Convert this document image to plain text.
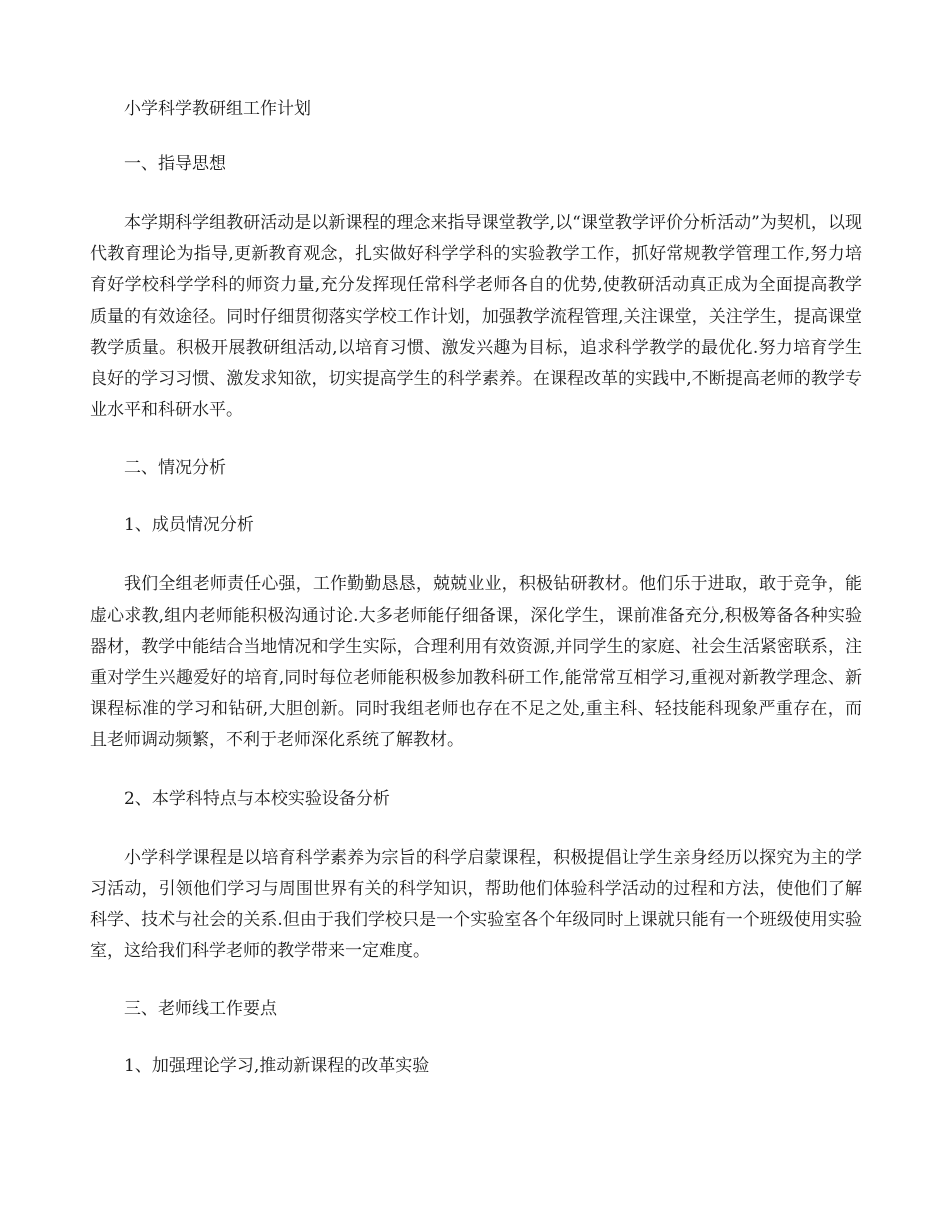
小学科学教研组工作计划

一、指导思想

本学期科学组教研活动是以新课程的理念来指导课堂教学,以“课堂教学评价分析活动”为契机，以现代教育理论为指导,更新教育观念，扎实做好科学学科的实验教学工作，抓好常规教学管理工作,努力培育好学校科学学科的师资力量,充分发挥现任常科学老师各自的优势,使教研活动真正成为全面提高教学质量的有效途径。同时仔细贯彻落实学校工作计划，加强教学流程管理,关注课堂，关注学生，提高课堂教学质量。积极开展教研组活动,以培育习惯、激发兴趣为目标，追求科学教学的最优化.努力培育学生良好的学习习惯、激发求知欲，切实提高学生的科学素养。在课程改革的实践中,不断提高老师的教学专业水平和科研水平。

二、情况分析

1、成员情况分析

我们全组老师责任心强，工作勤勤恳恳，兢兢业业，积极钻研教材。他们乐于进取，敢于竞争，能虚心求教,组内老师能积极沟通讨论.大多老师能仔细备课，深化学生，课前准备充分,积极筹备各种实验器材，教学中能结合当地情况和学生实际，合理利用有效资源,并同学生的家庭、社会生活紧密联系，注重对学生兴趣爱好的培育,同时每位老师能积极参加教科研工作,能常常互相学习,重视对新教学理念、新课程标准的学习和钻研,大胆创新。同时我组老师也存在不足之处,重主科、轻技能科现象严重存在，而且老师调动频繁，不利于老师深化系统了解教材。

2、本学科特点与本校实验设备分析

小学科学课程是以培育科学素养为宗旨的科学启蒙课程，积极提倡让学生亲身经历以探究为主的学习活动，引领他们学习与周围世界有关的科学知识，帮助他们体验科学活动的过程和方法，使他们了解科学、技术与社会的关系.但由于我们学校只是一个实验室各个年级同时上课就只能有一个班级使用实验室，这给我们科学老师的教学带来一定难度。

三、老师线工作要点

1、加强理论学习,推动新课程的改革实验
